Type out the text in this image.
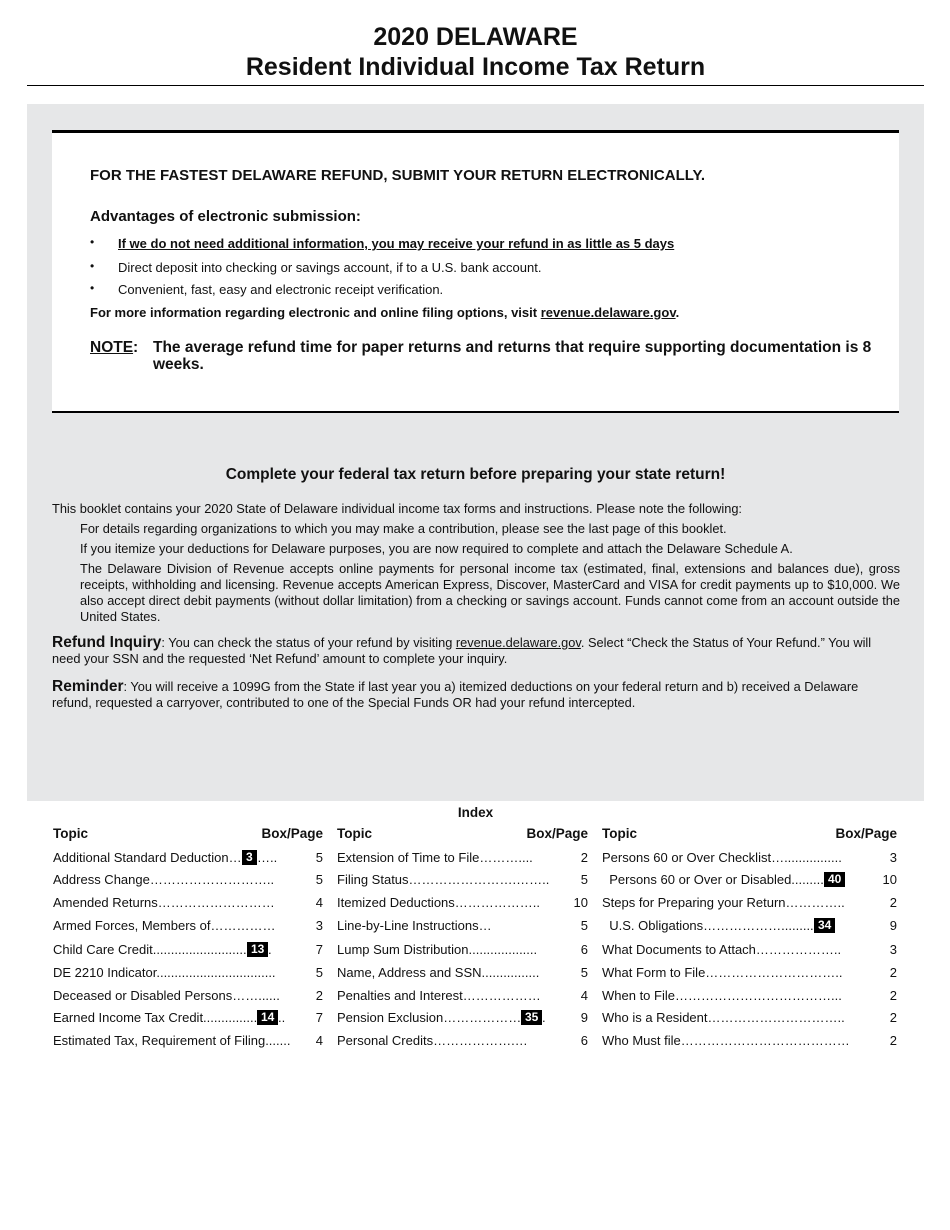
2020 DELAWARE
Resident Individual Income Tax Return
FOR THE FASTEST DELAWARE REFUND, SUBMIT YOUR RETURN ELECTRONICALLY.
Advantages of electronic submission:
• If we do not need additional information, you may receive your refund in as little as 5 days
• Direct deposit into checking or savings account, if to a U.S. bank account.
• Convenient, fast, easy and electronic receipt verification.
For more information regarding electronic and online filing options, visit revenue.delaware.gov.
NOTE : The average refund time for paper returns and returns that require supporting documentation is 8 weeks.
Complete your federal tax return before preparing your state return!
This booklet contains your 2020 State of Delaware individual income tax forms and instructions. Please note the following:
For details regarding organizations to which you may make a contribution, please see the last page of this booklet.
If you itemize your deductions for Delaware purposes, you are now required to complete and attach the Delaware Schedule A.
The Delaware Division of Revenue accepts online payments for personal income tax (estimated, final, extensions and balances due), gross receipts, withholding and licensing. Revenue accepts American Express, Discover, MasterCard and VISA for credit payments up to $10,000. We also accept direct debit payments (without dollar limitation) from a checking or savings account. Funds cannot come from an account outside the United States.
Refund Inquiry: You can check the status of your refund by visiting revenue.delaware.gov. Select “Check the Status of Your Refund.” You will need your SSN and the requested ‘Net Refund’ amount to complete your inquiry.
Reminder: You will receive a 1099G from the State if last year you a) itemized deductions on your federal return and b) received a Delaware refund, requested a carryover, contributed to one of the Special Funds OR had your refund intercepted.
Index
Topic	Box/Page
Additional Standard Deduction… 3 …..	5
Address Change………………………..	5
Amended Returns………………………	4
Armed Forces, Members of……………	3
Child Care Credit.......................... 13 .	7
DE 2210 Indicator.................................	5
Deceased or Disabled Persons……......	2
Earned Income Tax Credit............... 14 .. 7
Estimated Tax, Requirement of Filing....... 4
Topic	Box/Page
Extension of Time to File………....	2
Filing Status…………………….…….. 5
Itemized Deductions………………..	10
Line-by-Line Instructions…	5
Lump Sum Distribution...................	6
Name, Address and SSN................	5
Penalties and Interest………………	4
Pension Exclusion……………… 35 .	9
Personal Credits……………….…	6
Topic	Box/Page
Persons 60 or Over Checklist…................	3
Persons 60 or Over or Disabled......... 40	10
Steps for Preparing your Return…………..	2
U.S. Obligations………………......... 34	9
What Documents to Attach………………..	3
What Form to File…………………………..	2
When to File………………………………...	2
Who is a Resident…………………………..	2
Who Must file…………………………………	2
